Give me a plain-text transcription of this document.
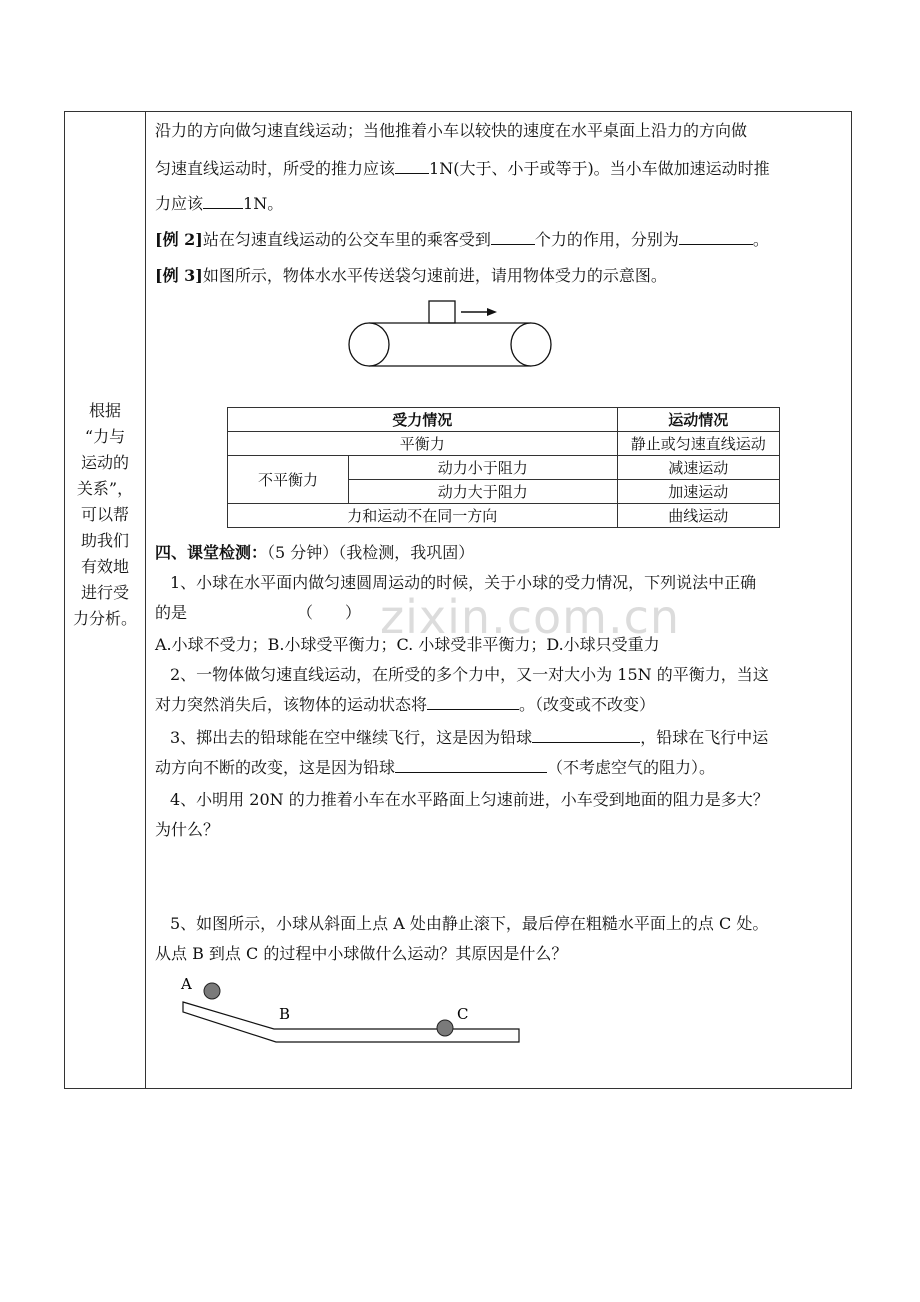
根据
“力与
运动的
关系”，
可以帮
助我们
有效地
进行受
力分析。
沿力的方向做匀速直线运动；当他推着小车以较快的速度在水平桌面上沿力的方向做
匀速直线运动时，所受的推力应该 1N(大于、小于或等于)。当小车做加速运动时推
力应该	1N。
[例 2]站在匀速直线运动的公交车里的乘客受到	个力的作用，分别为	。
[例 3]如图所示，物体水水平传送袋匀速前进，请用物体受力的示意图。
受力情况		运动情况
平衡力		静止或匀速直线运动
不平衡力	动力小于阻力	减速运动
	动力大于阻力	加速运动
力和运动不在同一方向		曲线运动
四、课堂检测：（5 分钟）（我检测，我巩固）
1、小球在水平面内做匀速圆周运动的时候，关于小球的受力情况，下列说法中正确
的是	（　　）
A.小球不受力；B.小球受平衡力；C. 小球受非平衡力；D.小球只受重力
2、一物体做匀速直线运动，在所受的多个力中，又一对大小为 15N 的平衡力，当这
对力突然消失后，该物体的运动状态将	。（改变或不改变）
3、掷出去的铅球能在空中继续飞行，这是因为铅球	，铅球在飞行中运
动方向不断的改变，这是因为铅球	（不考虑空气的阻力）。
4、小明用 20N 的力推着小车在水平路面上匀速前进，小车受到地面的阻力是多大？
为什么？
5、如图所示，小球从斜面上点 A 处由静止滚下，最后停在粗糙水平面上的点 C 处。
从点 B 到点 C 的过程中小球做什么运动？其原因是什么？
A
B	C
zixin.com.cn
